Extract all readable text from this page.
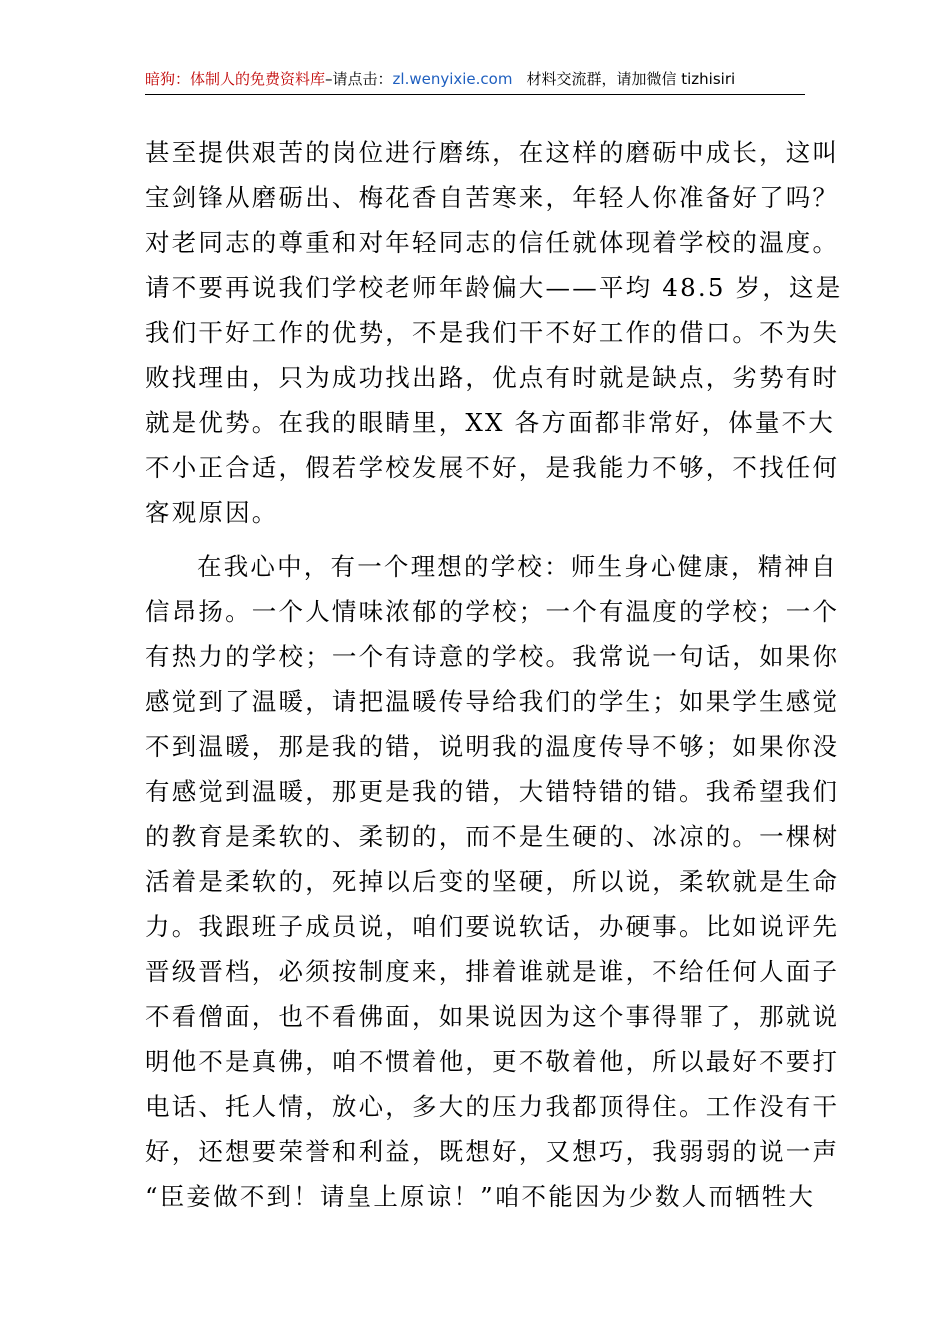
暗狗：体制人的免费资料库–请点击：zl.wenyixie.com 材料交流群，请加微信 tizhisiri
甚至提供艰苦的岗位进行磨练，在这样的磨砺中成长，这叫
宝剑锋从磨砺出、梅花香自苦寒来，年轻人你准备好了吗？
对老同志的尊重和对年轻同志的信任就体现着学校的温度。
请不要再说我们学校老师年龄偏大——平均 48.5 岁，这是
我们干好工作的优势，不是我们干不好工作的借口。不为失
败找理由，只为成功找出路，优点有时就是缺点，劣势有时
就是优势。在我的眼睛里，XX 各方面都非常好，体量不大
不小正合适，假若学校发展不好，是我能力不够，不找任何
客观原因。
在我心中，有一个理想的学校：师生身心健康，精神自
信昂扬。一个人情味浓郁的学校；一个有温度的学校；一个
有热力的学校；一个有诗意的学校。我常说一句话，如果你
感觉到了温暖，请把温暖传导给我们的学生；如果学生感觉
不到温暖，那是我的错，说明我的温度传导不够；如果你没
有感觉到温暖，那更是我的错，大错特错的错。我希望我们
的教育是柔软的、柔韧的，而不是生硬的、冰凉的。一棵树
活着是柔软的，死掉以后变的坚硬，所以说，柔软就是生命
力。我跟班子成员说，咱们要说软话，办硬事。比如说评先
晋级晋档，必须按制度来，排着谁就是谁，不给任何人面子
不看僧面，也不看佛面，如果说因为这个事得罪了，那就说
明他不是真佛，咱不惯着他，更不敬着他，所以最好不要打
电话、托人情，放心，多大的压力我都顶得住。工作没有干
好，还想要荣誉和利益，既想好，又想巧，我弱弱的说一声
“臣妾做不到！请皇上原谅！”咱不能因为少数人而牺牲大
